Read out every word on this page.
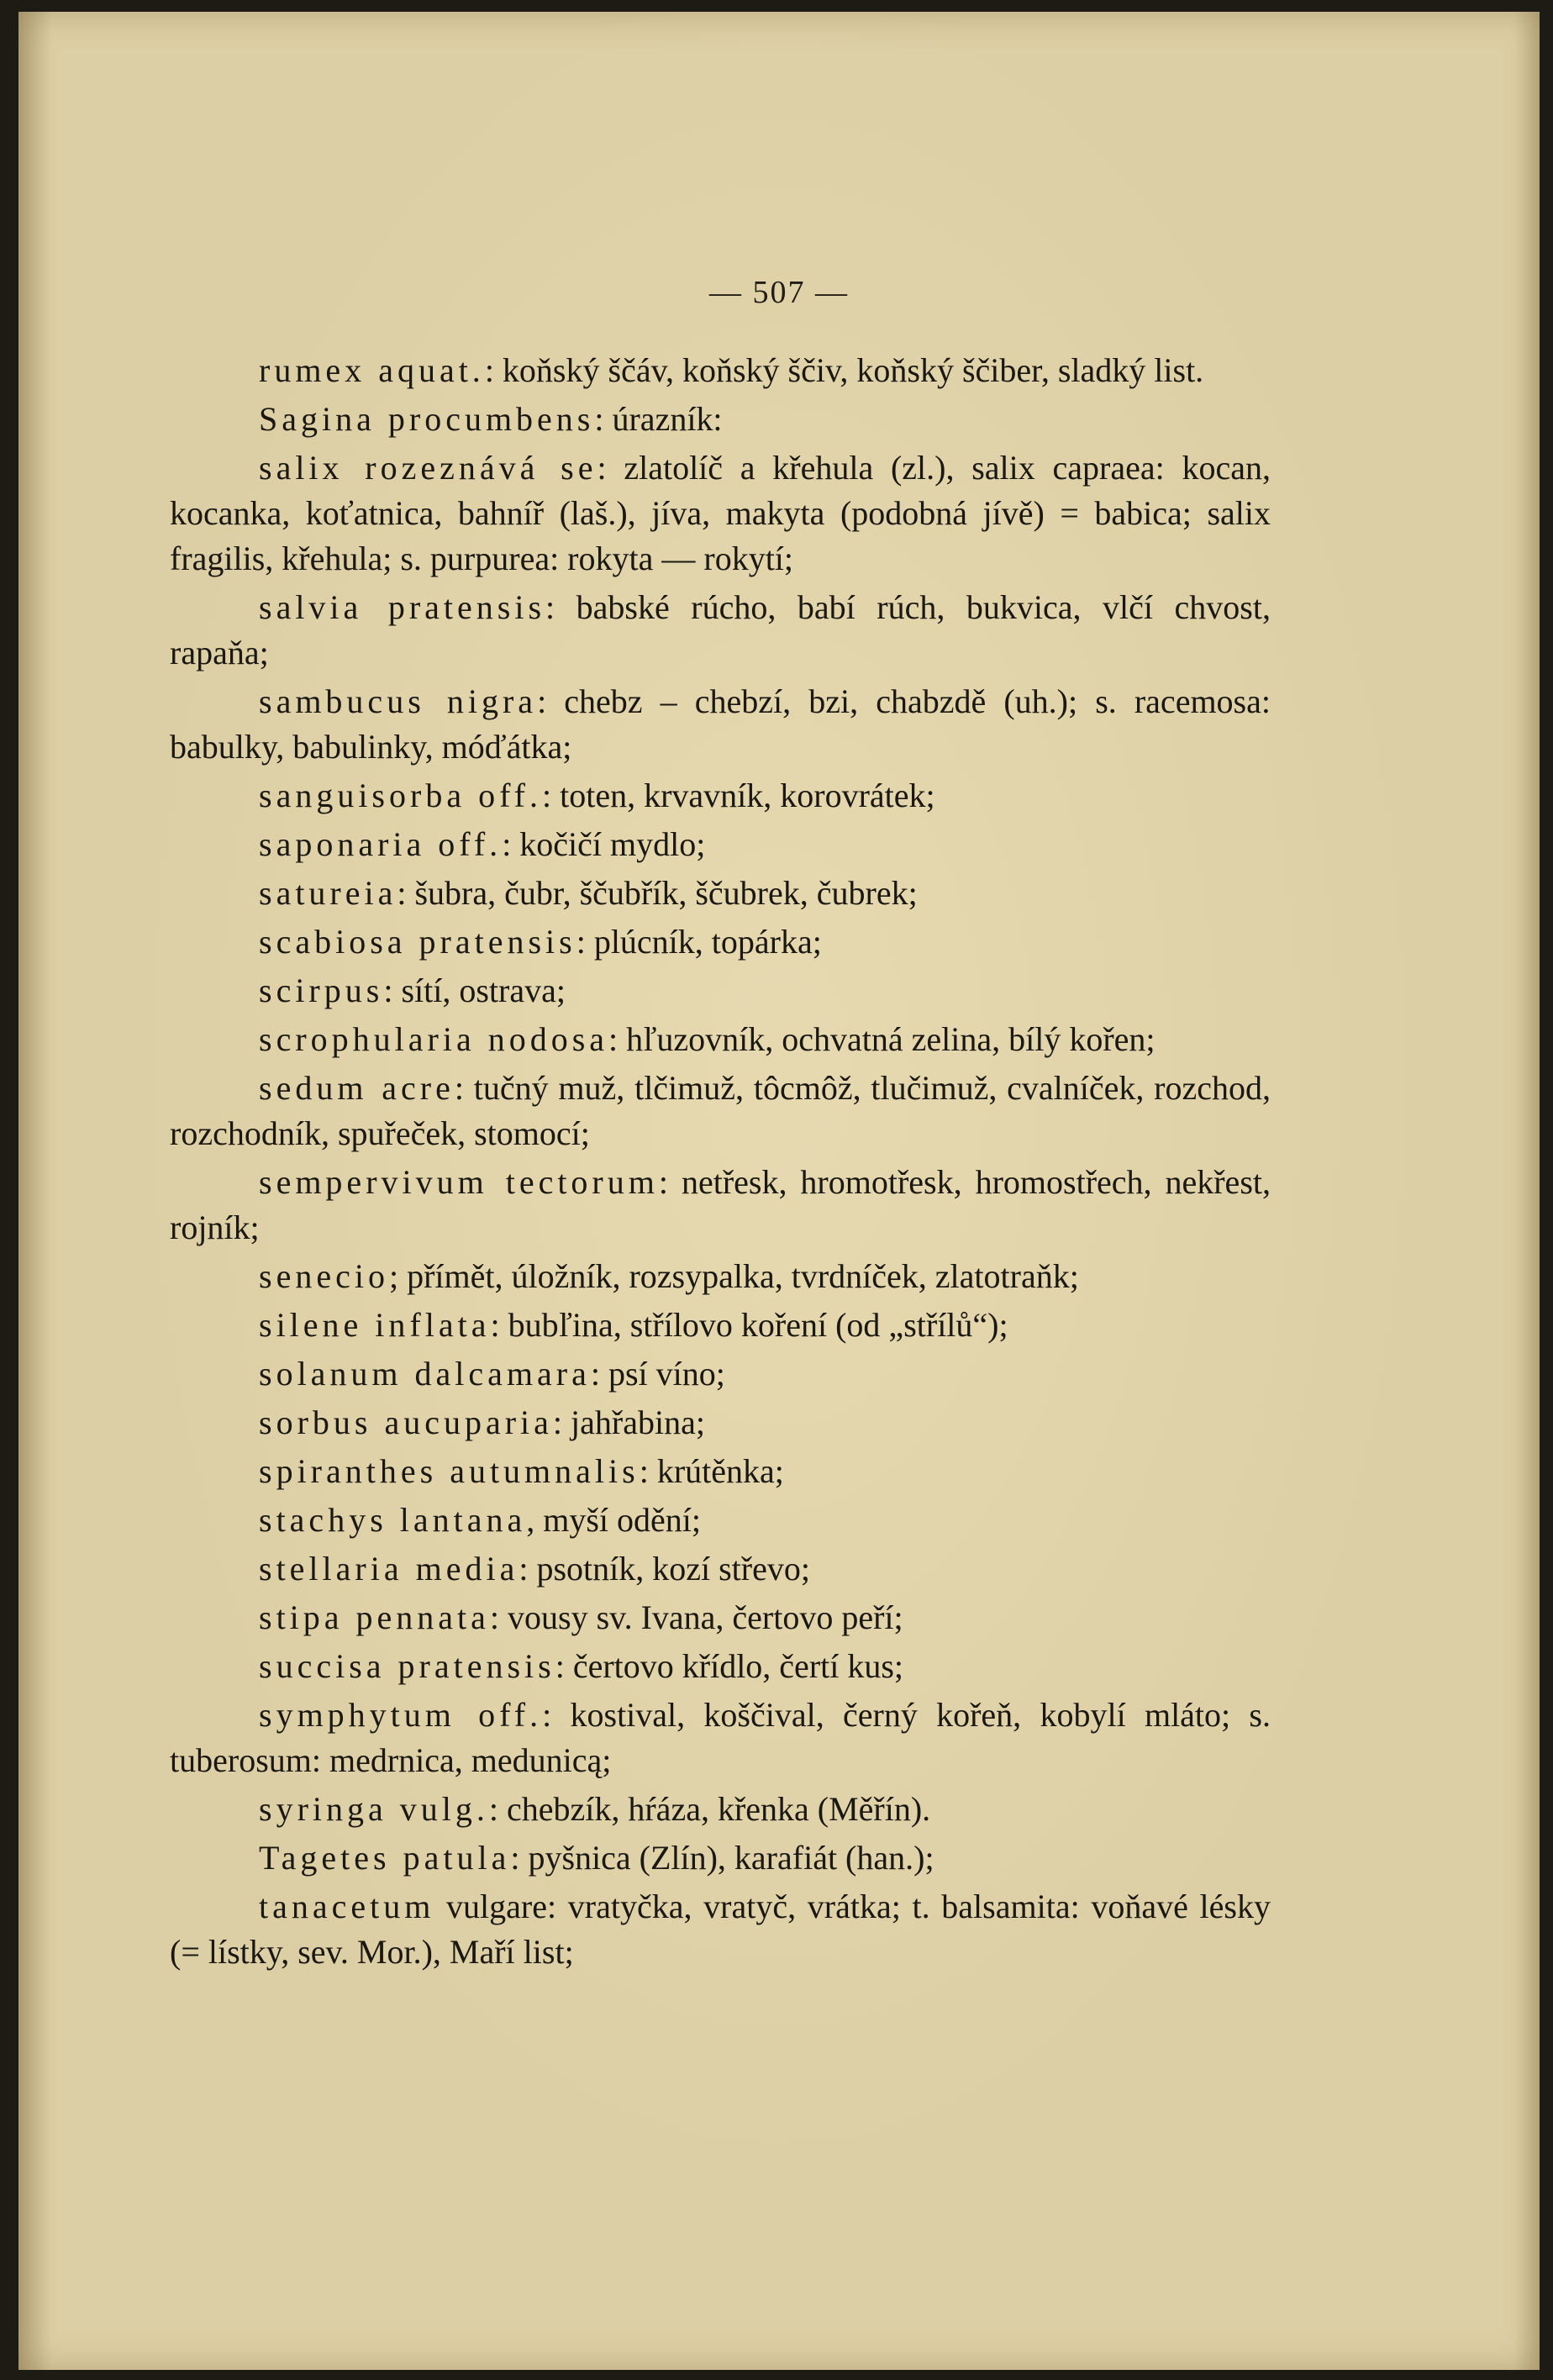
— 507 —

rumex aquat.: koňský ščáv, koňský ščiv, koňský ščiber, sladký list.

Sagina procumbens: úrazník:

salix rozeznává se: zlatolíč a křehula (zl.), salix capraea: kocan, kocanka, koťatnica, bahníř (laš.), jíva, makyta (podobná jívě) = babica; salix fragilis, křehula; s. purpurea: rokyta — rokytí;

salvia pratensis: babské rúcho, babí rúch, bukvica, vlčí chvost, rapaňa;

sambucus nigra: chebz – chebzí, bzi, chabzdě (uh.); s. racemosa: babulky, babulinky, móďátka;

sanguisorba off.: toten, krvavník, korovrátek;

saponaria off.: kočičí mydlo;

satureia: šubra, čubr, ščubřík, ščubrek, čubrek;

scabiosa pratensis: plúcník, topárka;

scirpus: sítí, ostrava;

scrophularia nodosa: hľuzovník, ochvatná zelina, bílý kořen;

sedum acre: tučný muž, tlčimuž, tôcmôž, tlučimuž, cvalníček, rozchod, rozchodník, spuřeček, stomocí;

sempervivum tectorum: netřesk, hromotřesk, hromostřech, nekřest, rojník;

senecio; přímět, úložník, rozsypalka, tvrdníček, zlatotraňk;

silene inflata: bubľina, střílovo koření (od „střílů“);

solanum dalcamara: psí víno;

sorbus aucuparia: jahřabina;

spiranthes autumnalis: krútěnka;

stachys lantana, myší odění;

stellaria media: psotník, kozí střevo;

stipa pennata: vousy sv. Ivana, čertovo peří;

succisa pratensis: čertovo křídlo, čertí kus;

symphytum off.: kostival, koščival, černý kořeň, kobylí mláto; s. tuberosum: medrnica, medunicą;

syringa vulg.: chebzík, hŕáza, křenka (Měřín).

Tagetes patula: pyšnica (Zlín), karafiát (han.);

tanacetum vulgare: vratyčka, vratyč, vrátka; t. balsamita: voňavé lésky (= lístky, sev. Mor.), Maří list;
